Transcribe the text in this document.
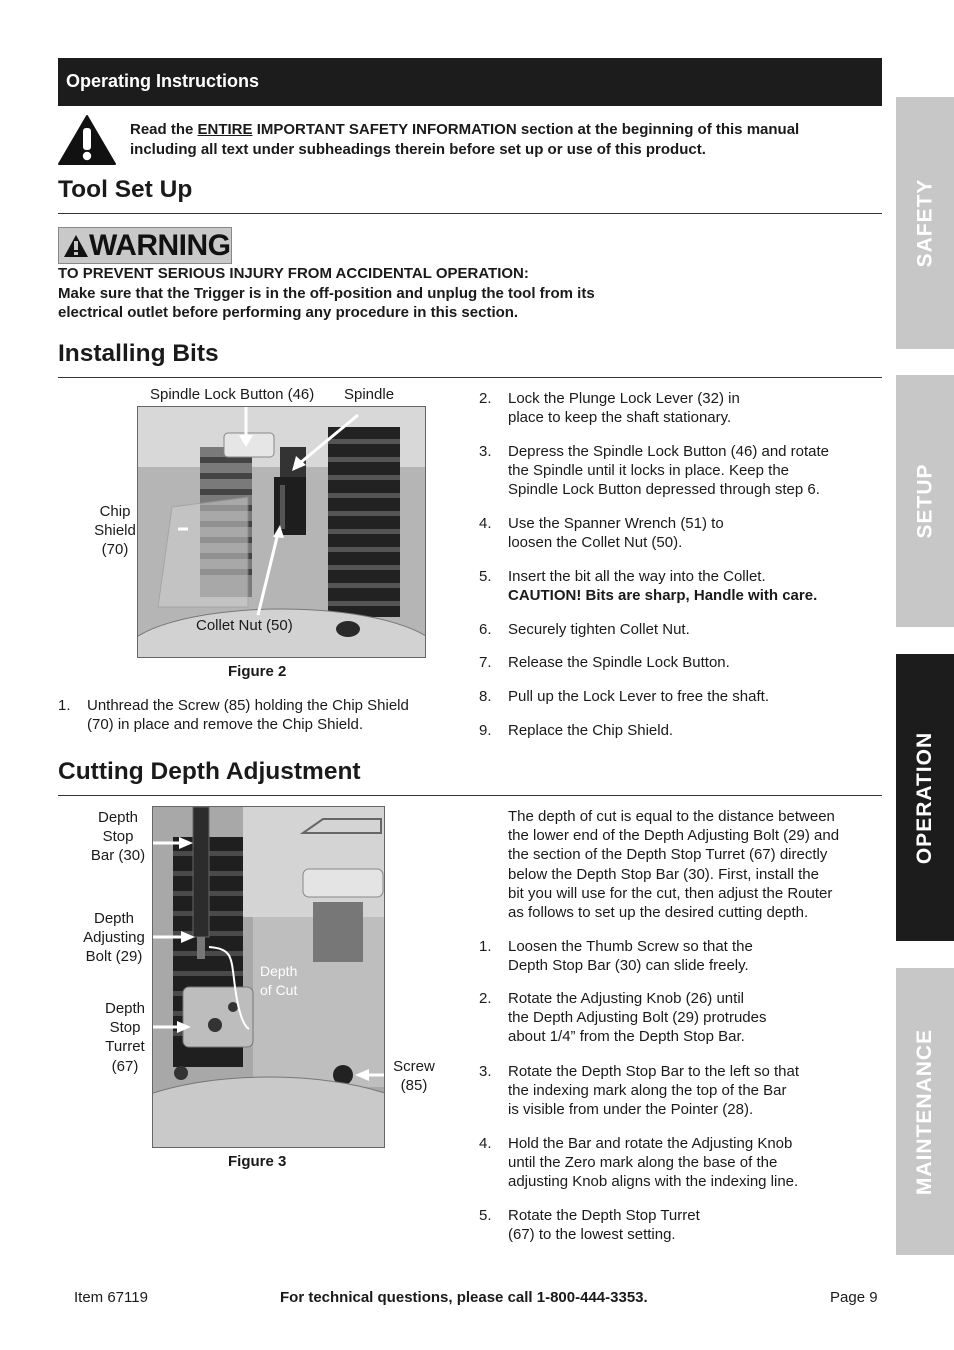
Operating Instructions
Read the ENTIRE IMPORTANT SAFETY INFORMATION section at the beginning of this manual including all text under subheadings therein before set up or use of this product.
Tool Set Up
WARNING
TO PREVENT SERIOUS INJURY FROM ACCIDENTAL OPERATION:
Make sure that the Trigger is in the off-position and unplug the tool from its electrical outlet before performing any procedure in this section.
Installing Bits
Spindle Lock Button (46) Spindle
Chip
Shield
(70)
Collet Nut (50)
Figure 2
1. Unthread the Screw (85) holding the Chip Shield
(70) in place and remove the Chip Shield.
2. Lock the Plunge Lock Lever (32) in
place to keep the shaft stationary.
3. Depress the Spindle Lock Button (46) and rotate
the Spindle until it locks in place. Keep the
Spindle Lock Button depressed through step 6.
4. Use the Spanner Wrench (51) to
loosen the Collet Nut (50).
5. Insert the bit all the way into the Collet.
CAUTION! Bits are sharp, Handle with care.
6. Securely tighten Collet Nut.
7. Release the Spindle Lock Button.
8. Pull up the Lock Lever to free the shaft.
9. Replace the Chip Shield.
Cutting Depth Adjustment
Depth
Stop
Bar (30)
Depth
Adjusting
Bolt (29)
Depth
Stop
Turret
(67)
Depth
of Cut
Screw
(85)
Figure 3
The depth of cut is equal to the distance between
the lower end of the Depth Adjusting Bolt (29) and
the section of the Depth Stop Turret (67) directly
below the Depth Stop Bar (30). First, install the
bit you will use for the cut, then adjust the Router
as follows to set up the desired cutting depth.
1. Loosen the Thumb Screw so that the
Depth Stop Bar (30) can slide freely.
2. Rotate the Adjusting Knob (26) until
the Depth Adjusting Bolt (29) protrudes
about 1/4” from the Depth Stop Bar.
3. Rotate the Depth Stop Bar to the left so that
the indexing mark along the top of the Bar
is visible from under the Pointer (28).
4. Hold the Bar and rotate the Adjusting Knob
until the Zero mark along the base of the
adjusting Knob aligns with the indexing line.
5. Rotate the Depth Stop Turret
(67) to the lowest setting.
SAFETY
SETUP
OPERATION
MAINTENANCE
Item 67119	For technical questions, please call 1-800-444-3353.	Page 9
